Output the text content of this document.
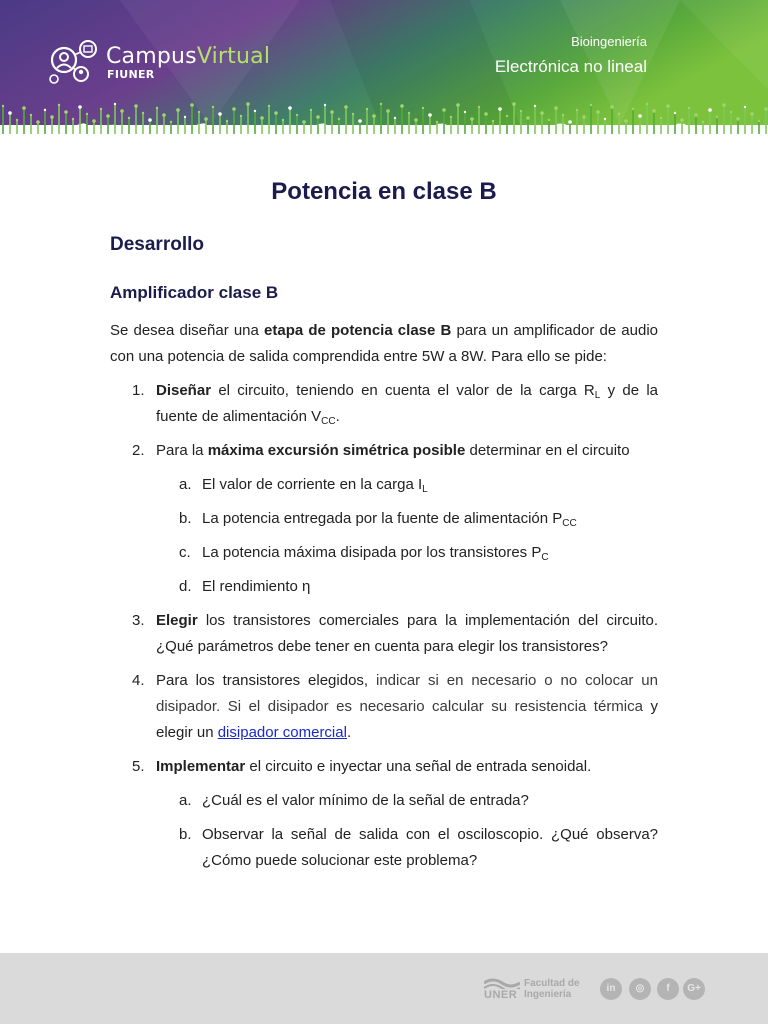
CampusVirtual
FIUNER
Bioingeniería
Electrónica no lineal
Potencia en clase B
Desarrollo
Amplificador clase B

Se desea diseñar una etapa de potencia clase B para un amplificador de audio con una potencia de salida comprendida entre 5W a 8W. Para ello se pide:

1. Diseñar el circuito, teniendo en cuenta el valor de la carga $R_L$ y de la fuente de alimentación $V_{CC}$.
2. Para la máxima excursión simétrica posible determinar en el circuito
a. El valor de corriente en la carga $I_L$
b. La potencia entregada por la fuente de alimentación $P_{CC}$
c. La potencia máxima disipada por los transistores $P_C$
d. El rendimiento η
3. Elegir los transistores comerciales para la implementación del circuito. ¿Qué parámetros debe tener en cuenta para elegir los transistores?
4. Para los transistores elegidos, indicar si en necesario o no colocar un disipador. Si el disipador es necesario calcular su resistencia térmica y elegir un disipador comercial.
5. Implementar el circuito e inyectar una señal de entrada senoidal.
a. ¿Cuál es el valor mínimo de la señal de entrada?
b. Observar la señal de salida con el osciloscopio. ¿Qué observa? ¿Cómo puede solucionar este problema?
UNER
Facultad de
Ingeniería
in	◎	f	G+
